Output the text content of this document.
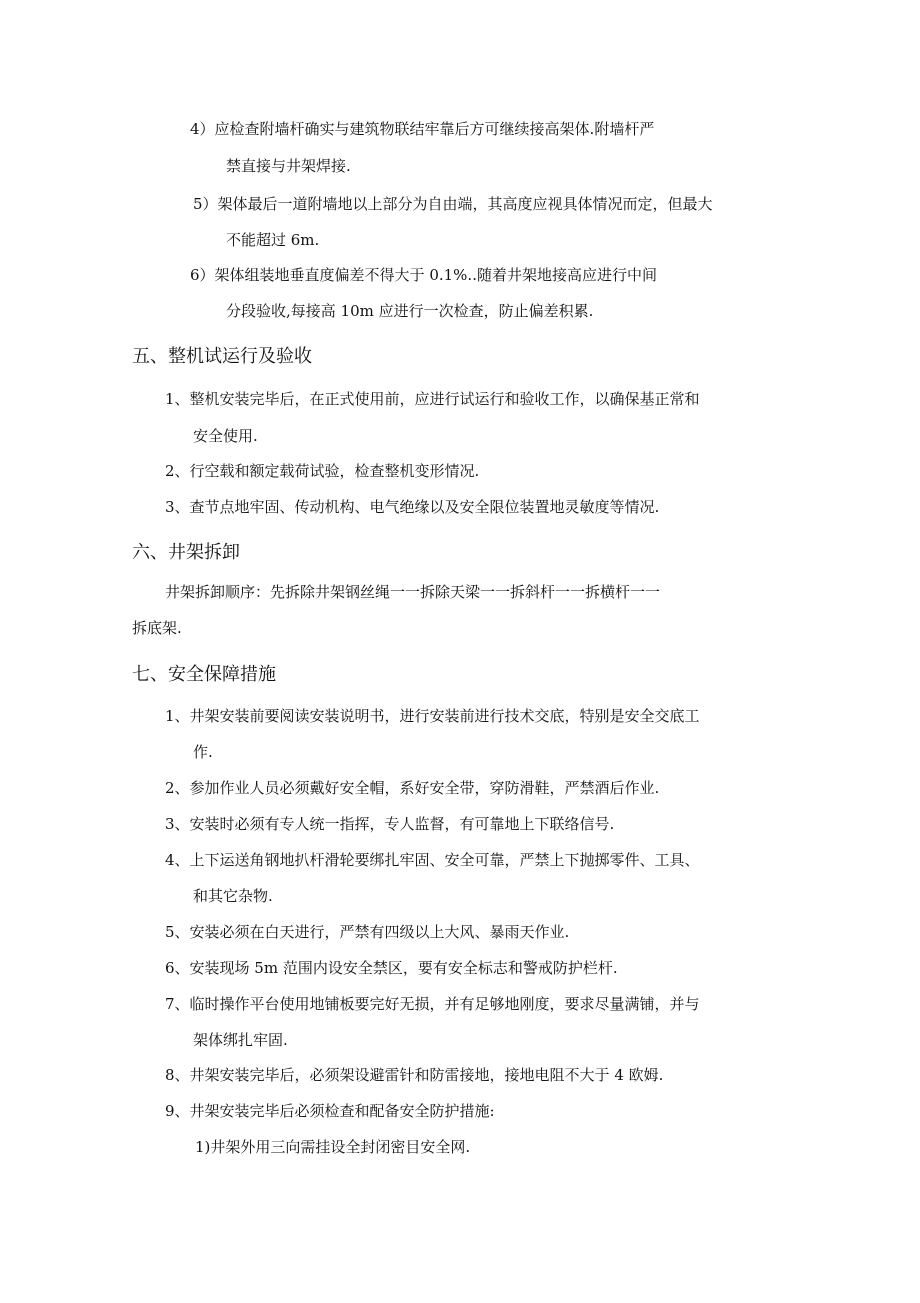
4）应检查附墙杆确实与建筑物联结牢靠后方可继续接高架体.附墙杆严
禁直接与井架焊接.
5）架体最后一道附墙地以上部分为自由端，其高度应视具体情况而定，但最大
不能超过 6m.
6）架体组装地垂直度偏差不得大于 0.1%..随着井架地接高应进行中间
分段验收,每接高 10m 应进行一次检查，防止偏差积累.
五、整机试运行及验收
1、整机安装完毕后，在正式使用前，应进行试运行和验收工作，以确保基正常和
安全使用.
2、行空载和额定载荷试验，检查整机变形情况.
3、查节点地牢固、传动机构、电气绝缘以及安全限位装置地灵敏度等情况.
六、井架拆卸
井架拆卸顺序：先拆除井架钢丝绳一一拆除天梁一一拆斜杆一一拆横杆一一
拆底架.
七、安全保障措施
1、井架安装前要阅读安装说明书，进行安装前进行技术交底，特别是安全交底工
作.
2、参加作业人员必须戴好安全帽，系好安全带，穿防滑鞋，严禁酒后作业.
3、安装时必须有专人统一指挥，专人监督，有可靠地上下联络信号.
4、上下运送角钢地扒杆滑轮要绑扎牢固、安全可靠，严禁上下抛掷零件、工具、
和其它杂物.
5、安装必须在白天进行，严禁有四级以上大风、暴雨天作业.
6、安装现场 5m 范围内设安全禁区，要有安全标志和警戒防护栏杆.
7、临时操作平台使用地铺板要完好无损，并有足够地刚度，要求尽量满铺，并与
架体绑扎牢固.
8、井架安装完毕后，必须架设避雷针和防雷接地，接地电阻不大于 4 欧姆.
9、井架安装完毕后必须检查和配备安全防护措施:
1)井架外用三向需挂设全封闭密目安全网.
